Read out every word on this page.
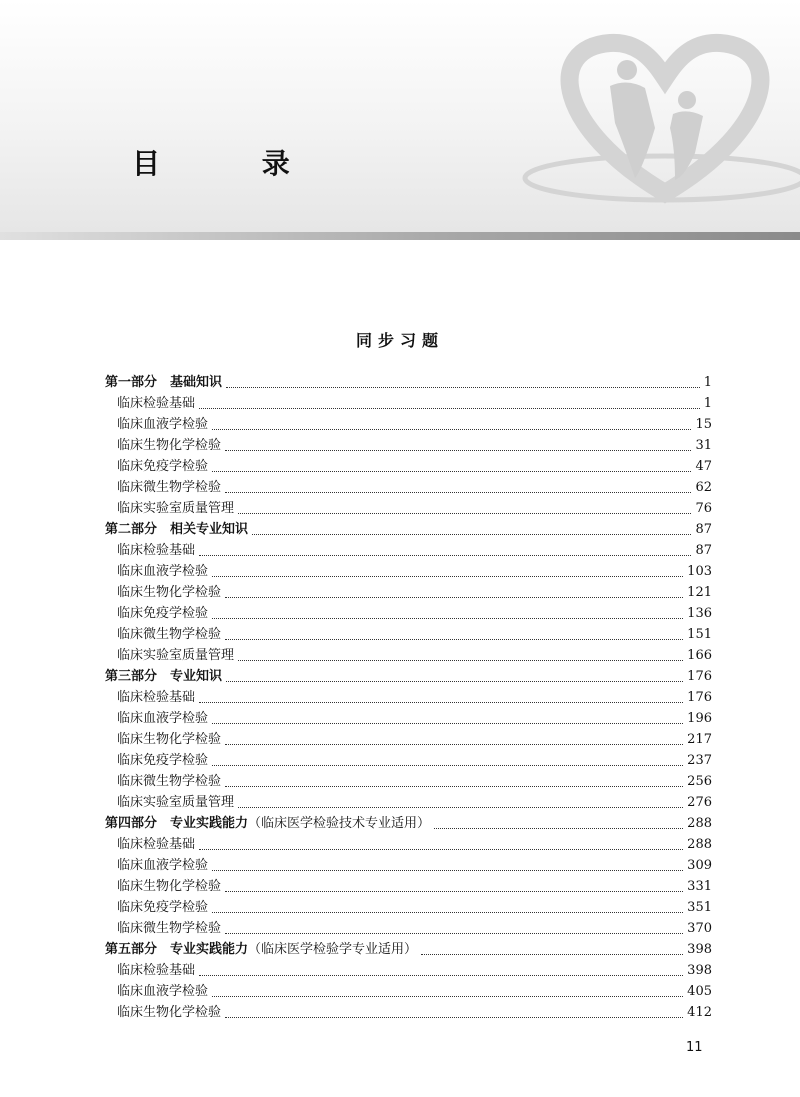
目 录
同步习题
第一部分　基础知识	1
临床检验基础	1
临床血液学检验	15
临床生物化学检验	31
临床免疫学检验	47
临床微生物学检验	62
临床实验室质量管理	76
第二部分　相关专业知识	87
临床检验基础	87
临床血液学检验	103
临床生物化学检验	121
临床免疫学检验	136
临床微生物学检验	151
临床实验室质量管理	166
第三部分　专业知识	176
临床检验基础	176
临床血液学检验	196
临床生物化学检验	217
临床免疫学检验	237
临床微生物学检验	256
临床实验室质量管理	276
第四部分　专业实践能力 （临床医学检验技术专业适用）	288
临床检验基础	288
临床血液学检验	309
临床生物化学检验	331
临床免疫学检验	351
临床微生物学检验	370
第五部分　专业实践能力 （临床医学检验学专业适用）	398
临床检验基础	398
临床血液学检验	405
临床生物化学检验	412

11
